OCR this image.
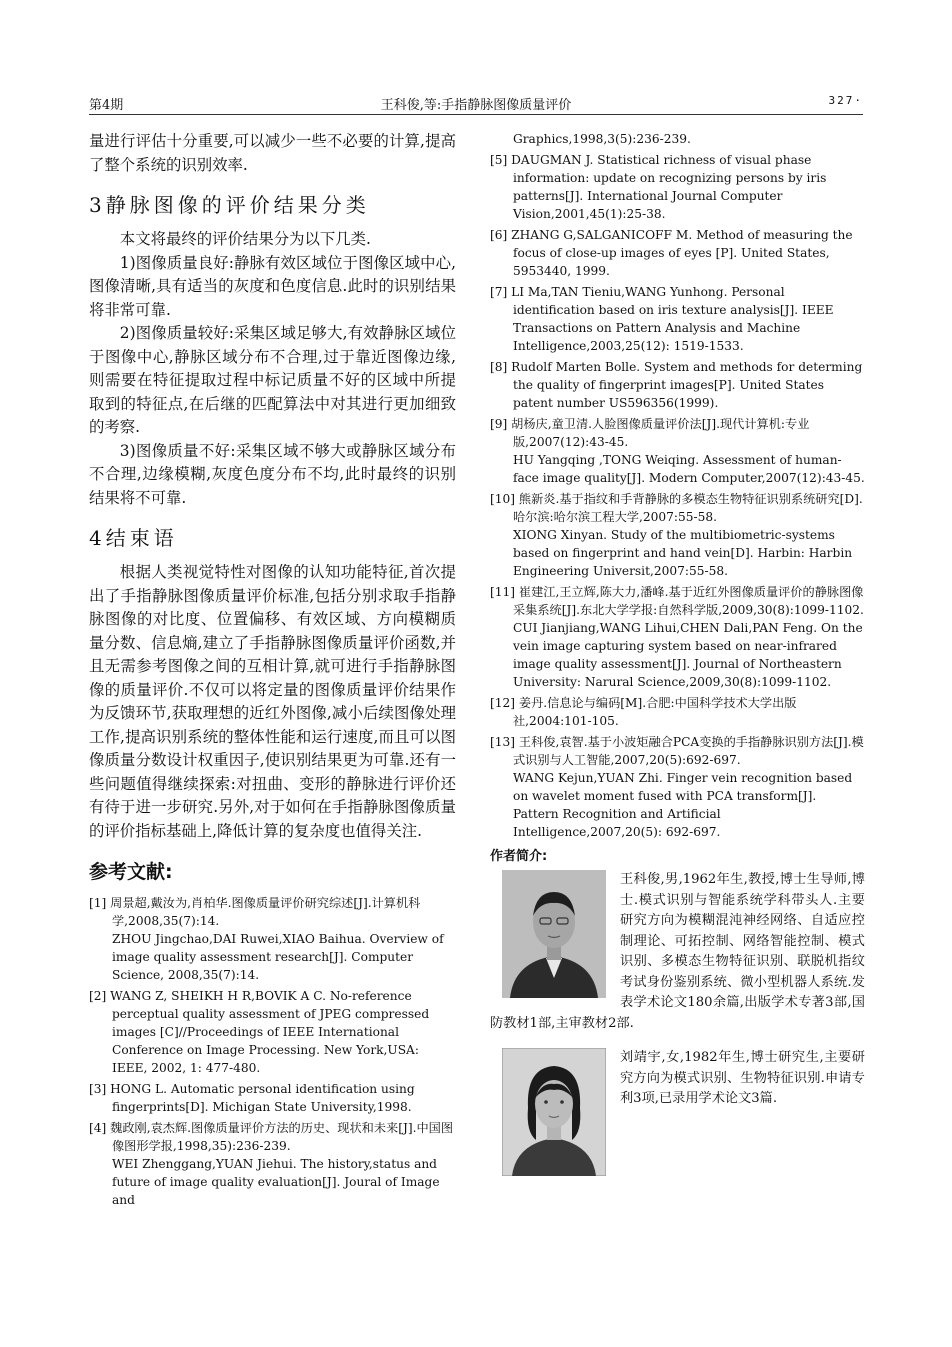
第4期	王科俊,等:手指静脉图像质量评价	327·

量进行评估十分重要,可以减少一些不必要的计算,提高了整个系统的识别效率.

3静脉图像的评价结果分类

本文将最终的评价结果分为以下几类.

1)图像质量良好:静脉有效区域位于图像区域中心,图像清晰,具有适当的灰度和色度信息.此时的识别结果将非常可靠.

2)图像质量较好:采集区域足够大,有效静脉区域位于图像中心,静脉区域分布不合理,过于靠近图像边缘,则需要在特征提取过程中标记质量不好的区域中所提取到的特征点,在后继的匹配算法中对其进行更加细致的考察.

3)图像质量不好:采集区域不够大或静脉区域分布不合理,边缘模糊,灰度色度分布不均,此时最终的识别结果将不可靠.

4结束语

根据人类视觉特性对图像的认知功能特征,首次提出了手指静脉图像质量评价标准,包括分别求取手指静脉图像的对比度、位置偏移、有效区域、方向模糊质量分数、信息熵,建立了手指静脉图像质量评价函数,并且无需参考图像之间的互相计算,就可进行手指静脉图像的质量评价.不仅可以将定量的图像质量评价结果作为反馈环节,获取理想的近红外图像,减小后续图像处理工作,提高识别系统的整体性能和运行速度,而且可以图像质量分数设计权重因子,使识别结果更为可靠.还有一些问题值得继续探索:对扭曲、变形的静脉进行评价还有待于进一步研究.另外,对于如何在手指静脉图像质量的评价指标基础上,降低计算的复杂度也值得关注.

参考文献:
[1] 周景超,戴汝为,肖柏华.图像质量评价研究综述[J].计算机科学,2008,35(7):14.
ZHOU Jingchao,DAI Ruwei,XIAO Baihua. Overview of image quality assessment research[J]. Computer Science, 2008,35(7):14.
[2] WANG Z, SHEIKH H R,BOVIK A C. No-reference perceptual quality assessment of JPEG compressed images [C]//Proceedings of IEEE International Conference on Image Processing. New York,USA: IEEE, 2002, 1: 477-480.
[3] HONG L. Automatic personal identification using fingerprints[D]. Michigan State University,1998.
[4] 魏政刚,袁杰辉.图像质量评价方法的历史、现状和未来[J].中国图像图形学报,1998,35):236-239.
WEI Zhenggang,YUAN Jiehui. The history,status and future of image quality evaluation[J]. Joural of Image and
Graphics,1998,3(5):236-239.
[5] DAUGMAN J. Statistical richness of visual phase information: update on recognizing persons by iris patterns[J]. International Journal Computer Vision,2001,45(1):25-38.
[6] ZHANG G,SALGANICOFF M. Method of measuring the focus of close-up images of eyes [P]. United States, 5953440, 1999.
[7] LI Ma,TAN Tieniu,WANG Yunhong. Personal identification based on iris texture analysis[J]. IEEE Transactions on Pattern Analysis and Machine Intelligence,2003,25(12): 1519-1533.
[8] Rudolf Marten Bolle. System and methods for determing the quality of fingerprint images[P]. United States patent number US596356(1999).
[9] 胡杨庆,童卫清.人脸图像质量评价法[J].现代计算机:专业版,2007(12):43-45.
HU Yangqing ,TONG Weiqing. Assessment of human-face image quality[J]. Modern Computer,2007(12):43-45.
[10] 熊新炎.基于指纹和手背静脉的多模态生物特征识别系统研究[D].哈尔滨:哈尔滨工程大学,2007:55-58.
XIONG Xinyan. Study of the multibiometric-systems based on fingerprint and hand vein[D]. Harbin: Harbin Engineering Universit,2007:55-58.
[11] 崔建江,王立辉,陈大力,潘峰.基于近红外图像质量评价的静脉图像采集系统[J].东北大学学报:自然科学版,2009,30(8):1099-1102.
CUI Jianjiang,WANG Lihui,CHEN Dali,PAN Feng. On the vein image capturing system based on near-infrared image quality assessment[J]. Journal of Northeastern University: Narural Science,2009,30(8):1099-1102.
[12] 姜丹.信息论与编码[M].合肥:中国科学技术大学出版社,2004:101-105.
[13] 王科俊,袁智.基于小波矩融合PCA变换的手指静脉识别方法[J].模式识别与人工智能,2007,20(5):692-697.
WANG Kejun,YUAN Zhi. Finger vein recognition based on wavelet moment fused with PCA transform[J]. Pattern Recognition and Artificial Intelligence,2007,20(5): 692-697.
作者简介:
王科俊,男,1962年生,教授,博士生导师,博士.模式识别与智能系统学科带头人.主要研究方向为模糊混沌神经网络、自适应控制理论、可拓控制、网络智能控制、模式识别、多模态生物特征识别、联脱机指纹考试身份鉴别系统、微小型机器人系统.发表学术论文180余篇,出版学术专著3部,国防教材1部,主审教材2部.
刘靖宇,女,1982年生,博士研究生,主要研究方向为模式识别、生物特征识别.申请专利3项,已录用学术论文3篇.
